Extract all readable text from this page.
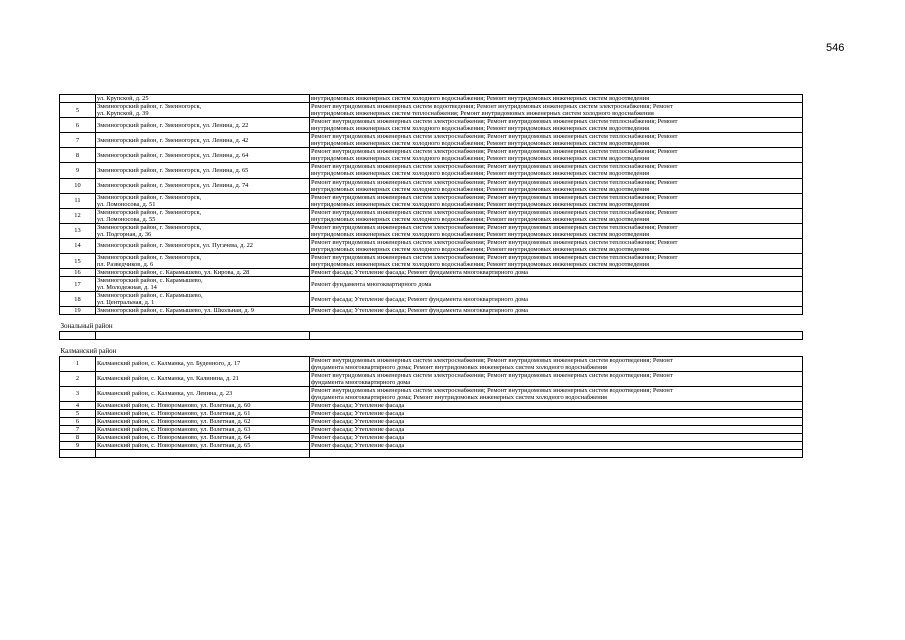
546

	ул. Крупской, д. 25	внутридомовых инженерных систем холодного водоснабжения; Ремонт внутридомовых инженерных систем водоотведения

5	Змеиногорский район, г. Змеиногорск,
ул. Крупской, д. 39	Ремонт внутридомовых инженерных систем водоотведения; Ремонт внутридомовых инженерных систем электроснабжения; Ремонт
внутридомовых инженерных систем теплоснабжения; Ремонт внутридомовых инженерных систем холодного водоснабжения

6	Змеиногорский район, г. Змеиногорск, ул. Ленина, д. 22	Ремонт внутридомовых инженерных систем электроснабжения; Ремонт внутридомовых инженерных систем теплоснабжения; Ремонт
внутридомовых инженерных систем холодного водоснабжения; Ремонт внутридомовых инженерных систем водоотведения

7	Змеиногорский район, г. Змеиногорск, ул. Ленина, д. 42	Ремонт внутридомовых инженерных систем электроснабжения; Ремонт внутридомовых инженерных систем теплоснабжения; Ремонт
внутридомовых инженерных систем холодного водоснабжения; Ремонт внутридомовых инженерных систем водоотведения

8	Змеиногорский район, г. Змеиногорск, ул. Ленина, д. 64	Ремонт внутридомовых инженерных систем электроснабжения; Ремонт внутридомовых инженерных систем теплоснабжения; Ремонт
внутридомовых инженерных систем холодного водоснабжения; Ремонт внутридомовых инженерных систем водоотведения

9	Змеиногорский район, г. Змеиногорск, ул. Ленина, д. 65	Ремонт внутридомовых инженерных систем электроснабжения; Ремонт внутридомовых инженерных систем теплоснабжения; Ремонт
внутридомовых инженерных систем холодного водоснабжения; Ремонт внутридомовых инженерных систем водоотведения

10	Змеиногорский район, г. Змеиногорск, ул. Ленина, д. 74	Ремонт внутридомовых инженерных систем электроснабжения; Ремонт внутридомовых инженерных систем теплоснабжения; Ремонт
внутридомовых инженерных систем холодного водоснабжения; Ремонт внутридомовых инженерных систем водоотведения

11	Змеиногорский район, г. Змеиногорск,
ул. Ломоносова, д. 51	Ремонт внутридомовых инженерных систем электроснабжения; Ремонт внутридомовых инженерных систем теплоснабжения; Ремонт
внутридомовых инженерных систем холодного водоснабжения; Ремонт внутридомовых инженерных систем водоотведения

12	Змеиногорский район, г. Змеиногорск,
ул. Ломоносова, д. 55	Ремонт внутридомовых инженерных систем электроснабжения; Ремонт внутридомовых инженерных систем теплоснабжения; Ремонт
внутридомовых инженерных систем холодного водоснабжения; Ремонт внутридомовых инженерных систем водоотведения

13	Змеиногорский район, г. Змеиногорск,
ул. Подгорная, д. 36	Ремонт внутридомовых инженерных систем электроснабжения; Ремонт внутридомовых инженерных систем теплоснабжения; Ремонт
внутридомовых инженерных систем холодного водоснабжения; Ремонт внутридомовых инженерных систем водоотведения

14	Змеиногорский район, г. Змеиногорск, ул. Пугачева, д. 22	Ремонт внутридомовых инженерных систем электроснабжения; Ремонт внутридомовых инженерных систем теплоснабжения; Ремонт
внутридомовых инженерных систем холодного водоснабжения; Ремонт внутридомовых инженерных систем водоотведения

15	Змеиногорский район, г. Змеиногорск,
пл. Разведчиков, д. 6	Ремонт внутридомовых инженерных систем электроснабжения; Ремонт внутридомовых инженерных систем теплоснабжения; Ремонт
внутридомовых инженерных систем холодного водоснабжения; Ремонт внутридомовых инженерных систем водоотведения

16	Змеиногорский район, с. Карамышево, ул. Кирова, д. 28	Ремонт фасада; Утепление фасада; Ремонт фундамента многоквартирного дома

17	Змеиногорский район, с. Карамышево,
ул. Молодежная, д. 14	Ремонт фундамента многоквартирного дома

18	Змеиногорский район, с. Карамышево,
ул. Центральная, д. 1	Ремонт фасада; Утепление фасада; Ремонт фундамента многоквартирного дома

19	Змеиногорский район, с. Карамышево, ул. Школьная, д. 9	Ремонт фасада; Утепление фасада; Ремонт фундамента многоквартирного дома

Зональный район		

Калманский район		
1	Калманский район, с. Калманка, ул. Буденного, д. 17	Ремонт внутридомовых инженерных систем электроснабжения; Ремонт внутридомовых инженерных систем водоотведения; Ремонт
фундамента многоквартирного дома; Ремонт внутридомовых инженерных систем холодного водоснабжения

2	Калманский район, с. Калманка, ул. Калинина, д. 21	Ремонт внутридомовых инженерных систем электроснабжения; Ремонт внутридомовых инженерных систем водоотведения; Ремонт
фундамента многоквартирного дома

3	Калманский район, с. Калманка, ул. Ленина, д. 23	Ремонт внутридомовых инженерных систем электроснабжения; Ремонт внутридомовых инженерных систем водоотведения; Ремонт
фундамента многоквартирного дома; Ремонт внутридомовых инженерных систем холодного водоснабжения

4	Калманский район, с. Новороманово, ул. Взлетная, д. 60	Ремонт фасада; Утепление фасада

5	Калманский район, с. Новороманово, ул. Взлетная, д. 61	Ремонт фасада; Утепление фасада

6	Калманский район, с. Новороманово, ул. Взлетная, д. 62	Ремонт фасада; Утепление фасада

7	Калманский район, с. Новороманово, ул. Взлетная, д. 63	Ремонт фасада; Утепление фасада

8	Калманский район, с. Новороманово, ул. Взлетная, д. 64	Ремонт фасада; Утепление фасада

9	Калманский район, с. Новороманово, ул. Взлетная, д. 65	Ремонт фасада; Утепление фасада
